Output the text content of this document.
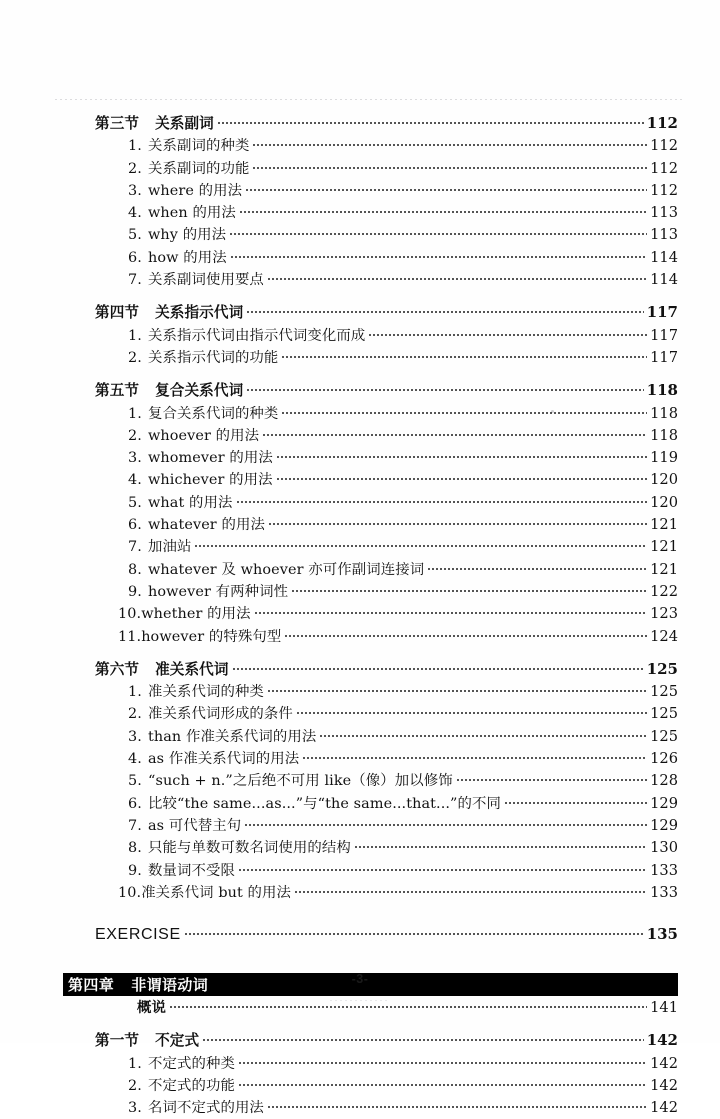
第三节 关系副词	112
1. 关系副词的种类	112
2. 关系副词的功能	112
3. where 的用法	112
4. when 的用法	113
5. why 的用法	113
6. how 的用法	114
7. 关系副词使用要点	114
第四节 关系指示代词	117
1. 关系指示代词由指示代词变化而成	117
2. 关系指示代词的功能	117
第五节 复合关系代词	118
1. 复合关系代词的种类	118
2. whoever 的用法	118
3. whomever 的用法	119
4. whichever 的用法	120
5. what 的用法	120
6. whatever 的用法	121
7. 加油站	121
8. whatever 及 whoever 亦可作副词连接词	121
9. however 有两种词性	122
10.whether 的用法	123
11.however 的特殊句型	124
第六节 准关系代词	125
1. 准关系代词的种类	125
2. 准关系代词形成的条件	125
3. than 作准关系代词的用法	125
4. as 作准关系代词的用法	126
5. “such + n.”之后绝不可用 like（像）加以修饰	128
6. 比较“the same...as...”与“the same...that...”的不同	129
7. as 可代替主句	129
8. 只能与单数可数名词使用的结构	130
9. 数量词不受限	133
10.准关系代词 but 的用法	133
EXERCISE	135
第四章 非谓语动词
概说	141
第一节 不定式	142
1. 不定式的种类	142
2. 不定式的功能	142
3. 名词不定式的用法	142
-3-
